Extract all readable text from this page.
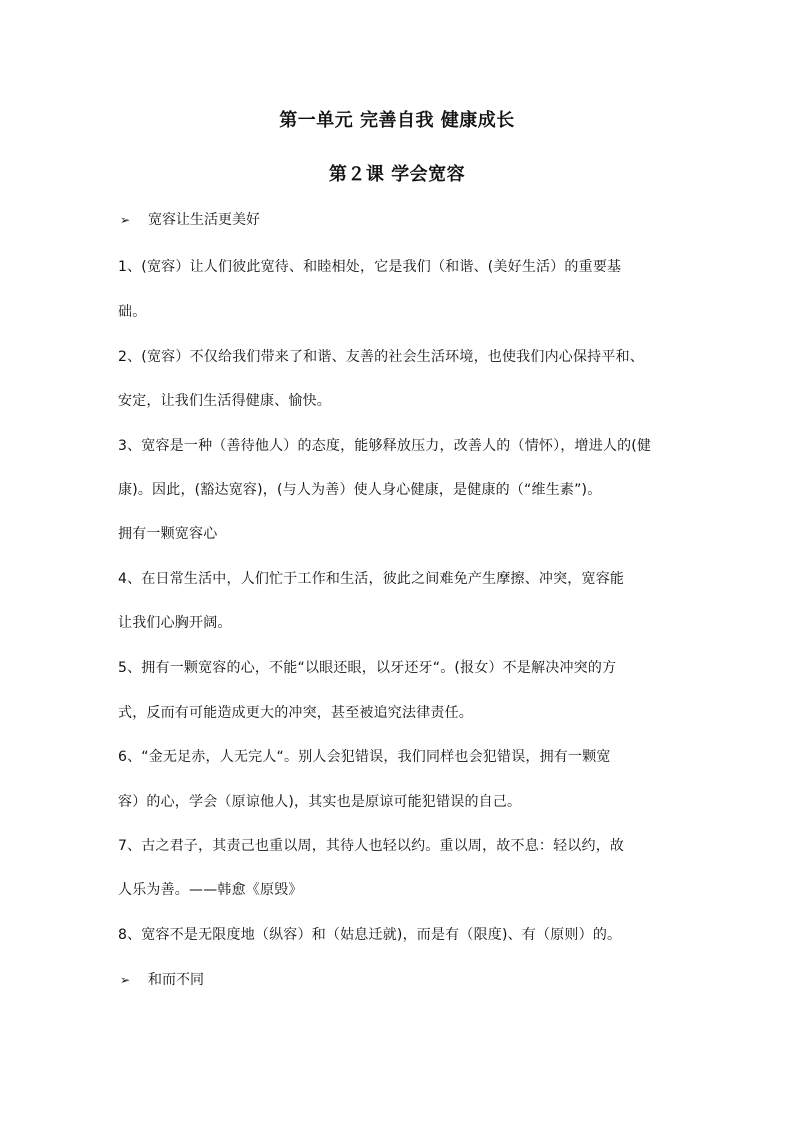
第一单元 完善自我 健康成长
第２课 学会宽容
➢ 宽容让生活更美好
1、(宽容）让人们彼此宽待、和睦相处，它是我们（和谐、(美好生活）的重要基
础。
2、(宽容）不仅给我们带来了和谐、友善的社会生活环境，也使我们内心保持平和、
安定，让我们生活得健康、愉快。
3、宽容是一种（善待他人）的态度，能够释放压力，改善人的（情怀），增进人的(健
康)。因此，(豁达宽容)，(与人为善）使人身心健康，是健康的（“维生素”)。
拥有一颗宽容心
4、在日常生活中，人们忙于工作和生活，彼此之间难免产生摩擦、冲突，宽容能
让我们心胸开阔。
5、拥有一颗宽容的心，不能“以眼还眼，以牙还牙“。(报女）不是解决冲突的方
式，反而有可能造成更大的冲突，甚至被追究法律责任。
6、“金无足赤，人无完人“。别人会犯错误，我们同样也会犯错误，拥有一颗宽
容）的心，学会（原谅他人)，其实也是原谅可能犯错误的自己。
7、古之君子，其责己也重以周，其待人也轻以约。重以周，故不息：轻以约，故
人乐为善。——韩愈《原毁》
8、宽容不是无限度地（纵容）和（姑息迁就)，而是有（限度)、有（原则）的。
➢ 和而不同
